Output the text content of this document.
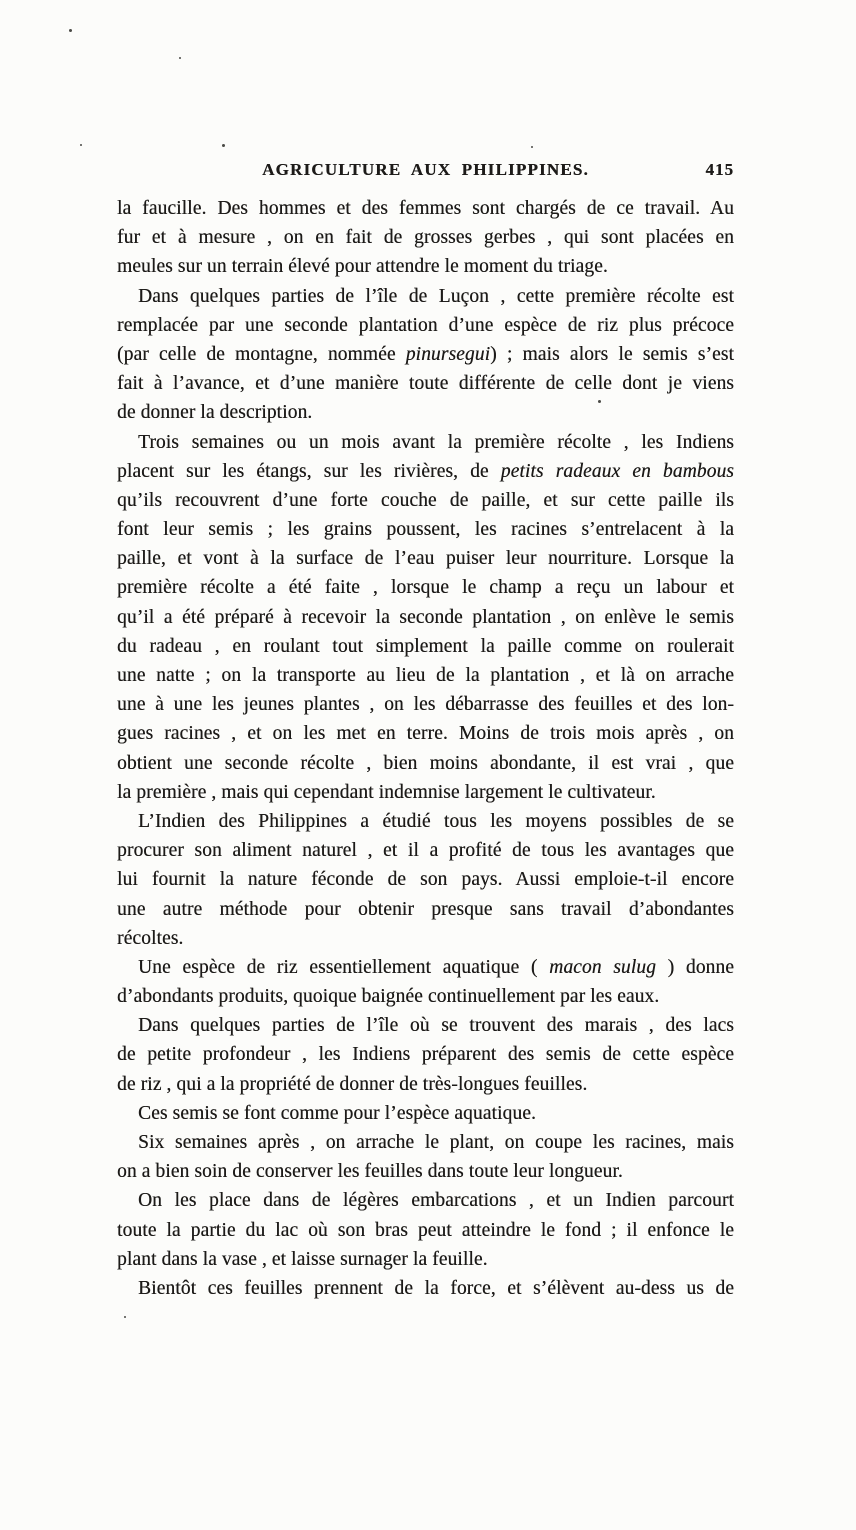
AGRICULTURE AUX PHILIPPINES.	415
la faucille. Des hommes et des femmes sont chargés de ce travail. Au
fur et à mesure , on en fait de grosses gerbes , qui sont placées en
meules sur un terrain élevé pour attendre le moment du triage.
Dans quelques parties de l’île de Luçon , cette première récolte est
remplacée par une seconde plantation d’une espèce de riz plus précoce
(par celle de montagne, nommée pinursegui) ; mais alors le semis s’est
fait à l’avance, et d’une manière toute différente de celle dont je viens
de donner la description.
Trois semaines ou un mois avant la première récolte , les Indiens
placent sur les étangs, sur les rivières, de petits radeaux en bambous
qu’ils recouvrent d’une forte couche de paille, et sur cette paille ils
font leur semis ; les grains poussent, les racines s’entrelacent à la
paille, et vont à la surface de l’eau puiser leur nourriture. Lorsque la
première récolte a été faite , lorsque le champ a reçu un labour et
qu’il a été préparé à recevoir la seconde plantation , on enlève le semis
du radeau , en roulant tout simplement la paille comme on roulerait
une natte ; on la transporte au lieu de la plantation , et là on arrache
une à une les jeunes plantes , on les débarrasse des feuilles et des lon-
gues racines , et on les met en terre. Moins de trois mois après , on
obtient une seconde récolte , bien moins abondante, il est vrai , que
la première , mais qui cependant indemnise largement le cultivateur.
L’Indien des Philippines a étudié tous les moyens possibles de se
procurer son aliment naturel , et il a profité de tous les avantages que
lui fournit la nature féconde de son pays. Aussi emploie-t-il encore
une autre méthode pour obtenir presque sans travail d’abondantes
récoltes.
Une espèce de riz essentiellement aquatique ( macon sulug ) donne
d’abondants produits, quoique baignée continuellement par les eaux.
Dans quelques parties de l’île où se trouvent des marais , des lacs
de petite profondeur , les Indiens préparent des semis de cette espèce
de riz , qui a la propriété de donner de très-longues feuilles.
Ces semis se font comme pour l’espèce aquatique.
Six semaines après , on arrache le plant, on coupe les racines, mais
on a bien soin de conserver les feuilles dans toute leur longueur.
On les place dans de légères embarcations , et un Indien parcourt
toute la partie du lac où son bras peut atteindre le fond ; il enfonce le
plant dans la vase , et laisse surnager la feuille.
Bientôt ces feuilles prennent de la force, et s’élèvent au-dess us de
